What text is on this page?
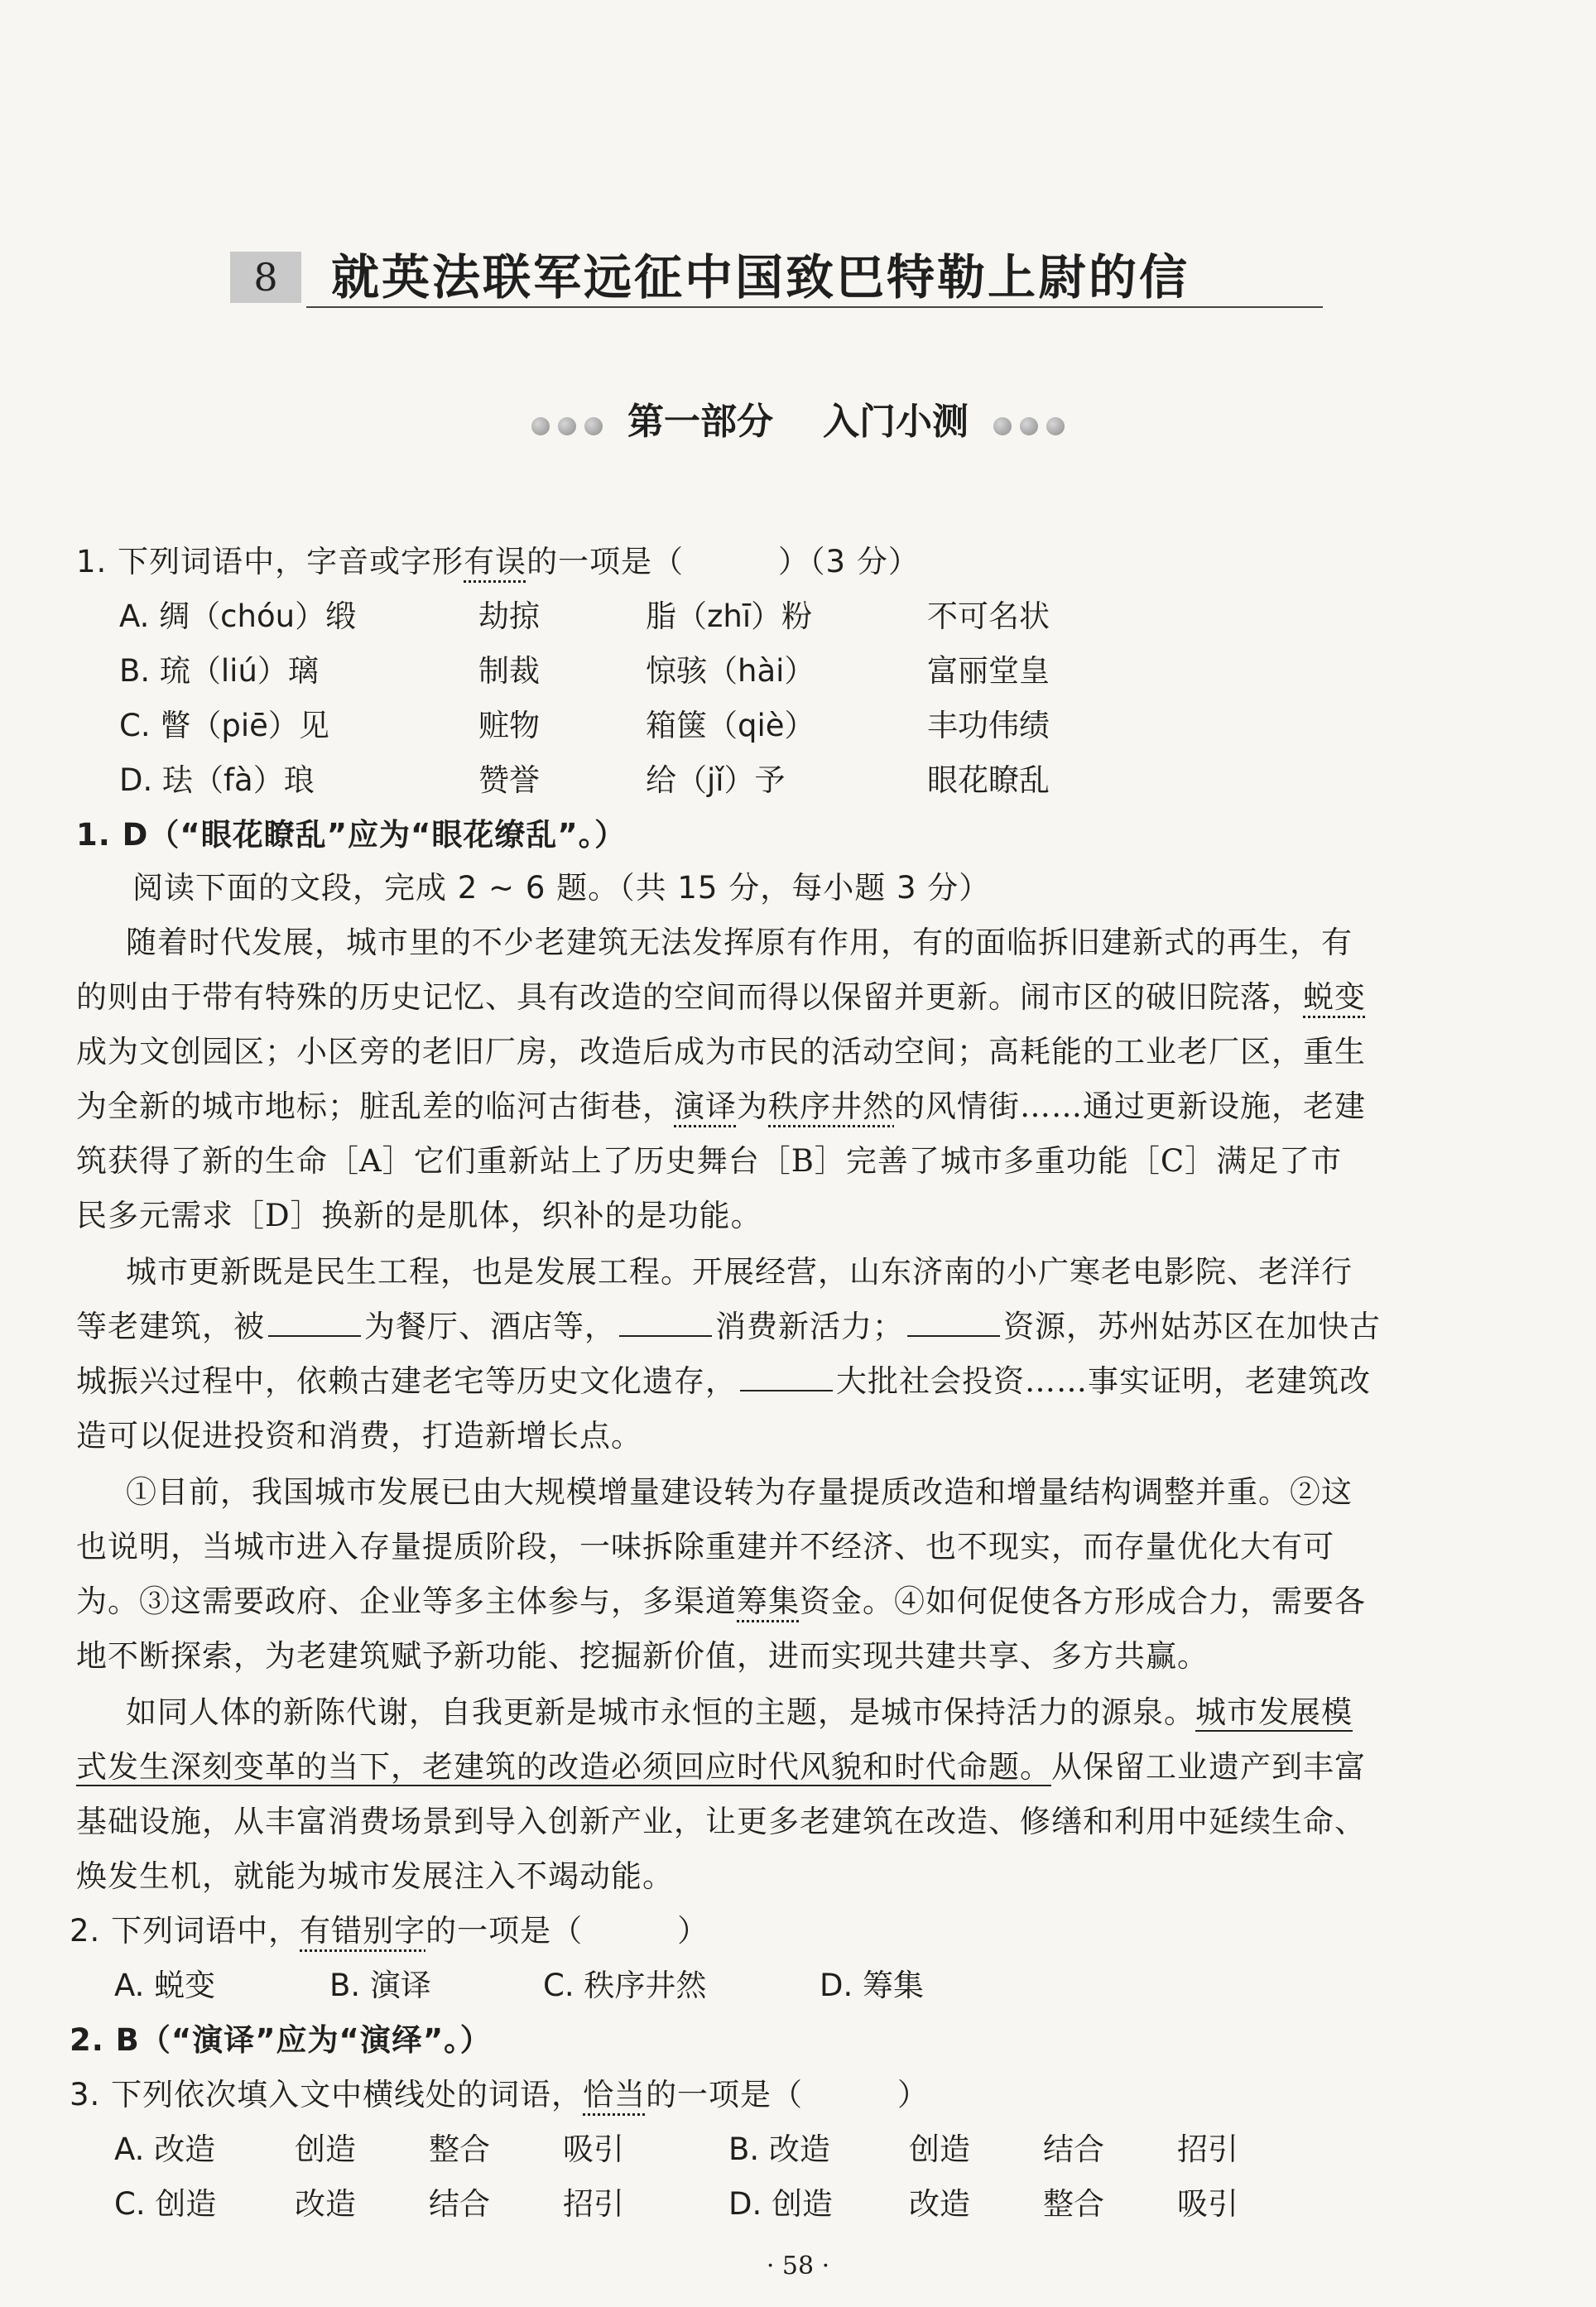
8	就英法联军远征中国致巴特勒上尉的信
第一部分 入门小测
1. 下列词语中，字音或字形有误的一项是（　　　）（3 分）
A. 绸（chóu）缎	劫掠	脂（zhī）粉	不可名状
B. 琉（liú）璃	制裁	惊骇（hài）	富丽堂皇
C. 瞥（piē）见	赃物	箱箧（qiè）	丰功伟绩
D. 珐（fà）琅	赞誉	给（jǐ）予	眼花瞭乱
1. D（“眼花瞭乱”应为“眼花缭乱”。）
阅读下面的文段，完成 2 ~ 6 题。（共 15 分，每小题 3 分）
随着时代发展，城市里的不少老建筑无法发挥原有作用，有的面临拆旧建新式的再生，有
的则由于带有特殊的历史记忆、具有改造的空间而得以保留并更新。闹市区的破旧院落，蜕变
成为文创园区；小区旁的老旧厂房，改造后成为市民的活动空间；高耗能的工业老厂区，重生
为全新的城市地标；脏乱差的临河古街巷，演译为秩序井然的风情街……通过更新设施，老建
筑获得了新的生命［A］它们重新站上了历史舞台［B］完善了城市多重功能［C］满足了市
民多元需求［D］换新的是肌体，织补的是功能。
城市更新既是民生工程，也是发展工程。开展经营，山东济南的小广寒老电影院、老洋行
等老建筑，被	为餐厅、酒店等，	消费新活力；	资源，苏州姑苏区在加快古
城振兴过程中，依赖古建老宅等历史文化遗存，	大批社会投资……事实证明，老建筑改
造可以促进投资和消费，打造新增长点。
①目前，我国城市发展已由大规模增量建设转为存量提质改造和增量结构调整并重。②这
也说明，当城市进入存量提质阶段，一味拆除重建并不经济、也不现实，而存量优化大有可
为。③这需要政府、企业等多主体参与，多渠道筹集资金。④如何促使各方形成合力，需要各
地不断探索，为老建筑赋予新功能、挖掘新价值，进而实现共建共享、多方共赢。
如同人体的新陈代谢，自我更新是城市永恒的主题，是城市保持活力的源泉。城市发展模
式发生深刻变革的当下，老建筑的改造必须回应时代风貌和时代命题。从保留工业遗产到丰富
基础设施，从丰富消费场景到导入创新产业，让更多老建筑在改造、修缮和利用中延续生命、
焕发生机，就能为城市发展注入不竭动能。
2. 下列词语中，有错别字的一项是（　　　）
A. 蜕变	B. 演译	C. 秩序井然	D. 筹集
2. B（“演译”应为“演绎”。）
3. 下列依次填入文中横线处的词语，恰当的一项是（　　　）
A. 改造	创造 整合 吸引	B. 改造	创造 结合 招引
C. 创造	改造 结合 招引	D. 创造 改造 整合 吸引
· 58 ·
